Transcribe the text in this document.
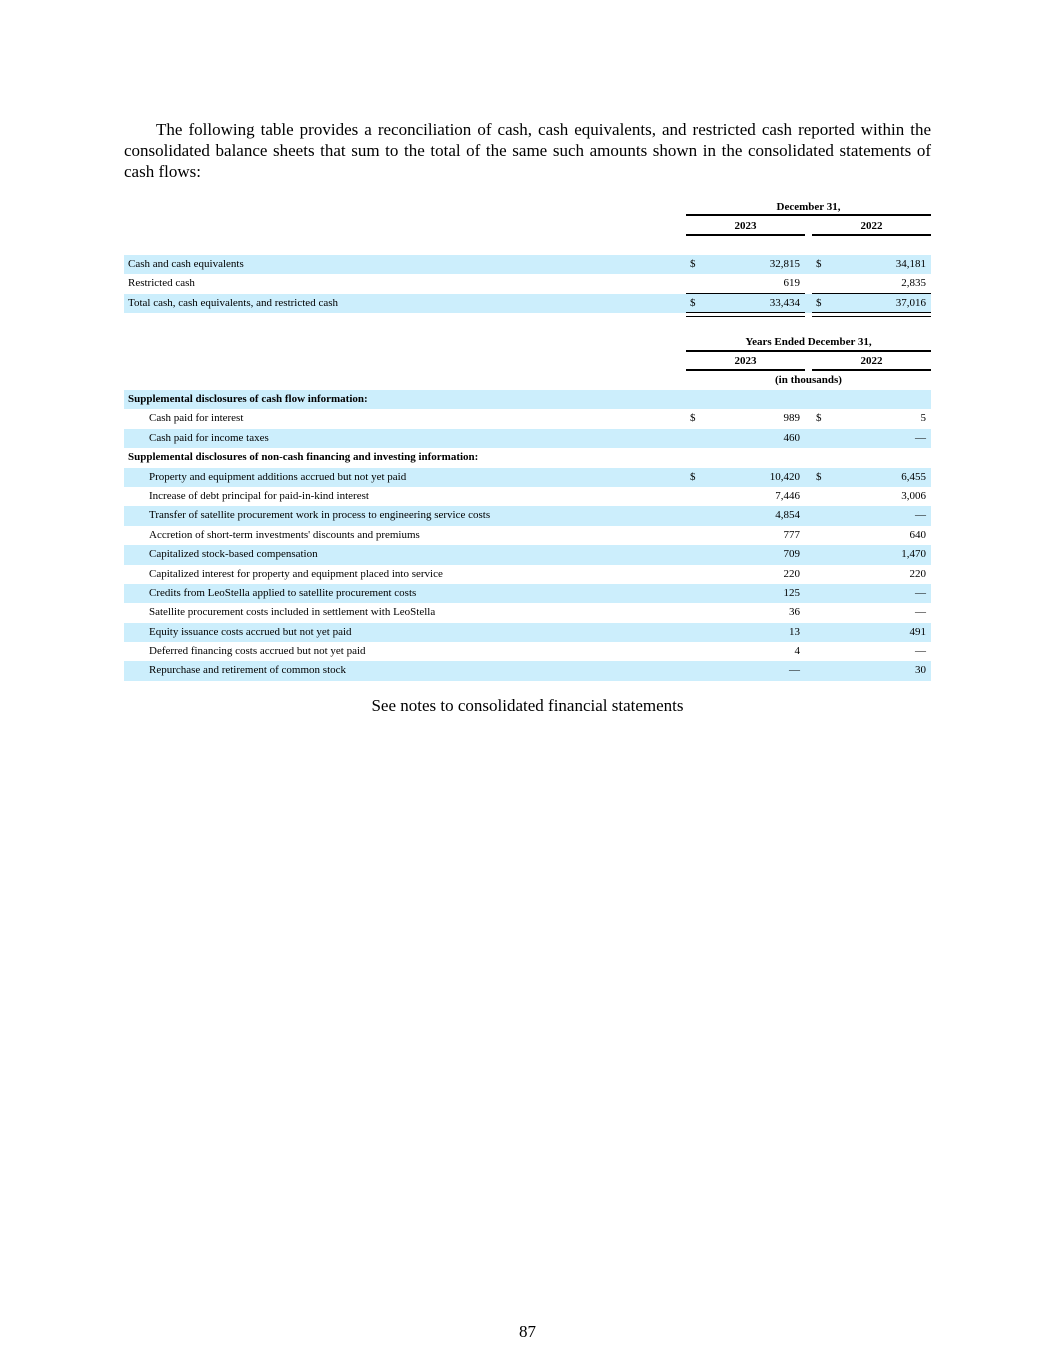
The following table provides a reconciliation of cash, cash equivalents, and restricted cash reported within the consolidated balance sheets that sum to the total of the same such amounts shown in the consolidated statements of cash flows:

December 31,
2023	2022
Cash and cash equivalents	$	32,815 $	34,181
Restricted cash	619	2,835
Total cash, cash equivalents, and restricted cash	$	33,434 $	37,016
Years Ended December 31,
2023	2022
(in thousands)
Supplemental disclosures of cash flow information:
Cash paid for interest	$	989 $	5
Cash paid for income taxes	460	—
Supplemental disclosures of non-cash financing and investing information:
Property and equipment additions accrued but not yet paid	$	10,420 $	6,455
Increase of debt principal for paid-in-kind interest	7,446	3,006
Transfer of satellite procurement work in process to engineering service costs	4,854	—
Accretion of short-term investments' discounts and premiums	777	640
Capitalized stock-based compensation	709	1,470
Capitalized interest for property and equipment placed into service	220	220
Credits from LeoStella applied to satellite procurement costs	125	—
Satellite procurement costs included in settlement with LeoStella	36	—
Equity issuance costs accrued but not yet paid	13	491
Deferred financing costs accrued but not yet paid	4	—
Repurchase and retirement of common stock	—	30
See notes to consolidated financial statements
87
